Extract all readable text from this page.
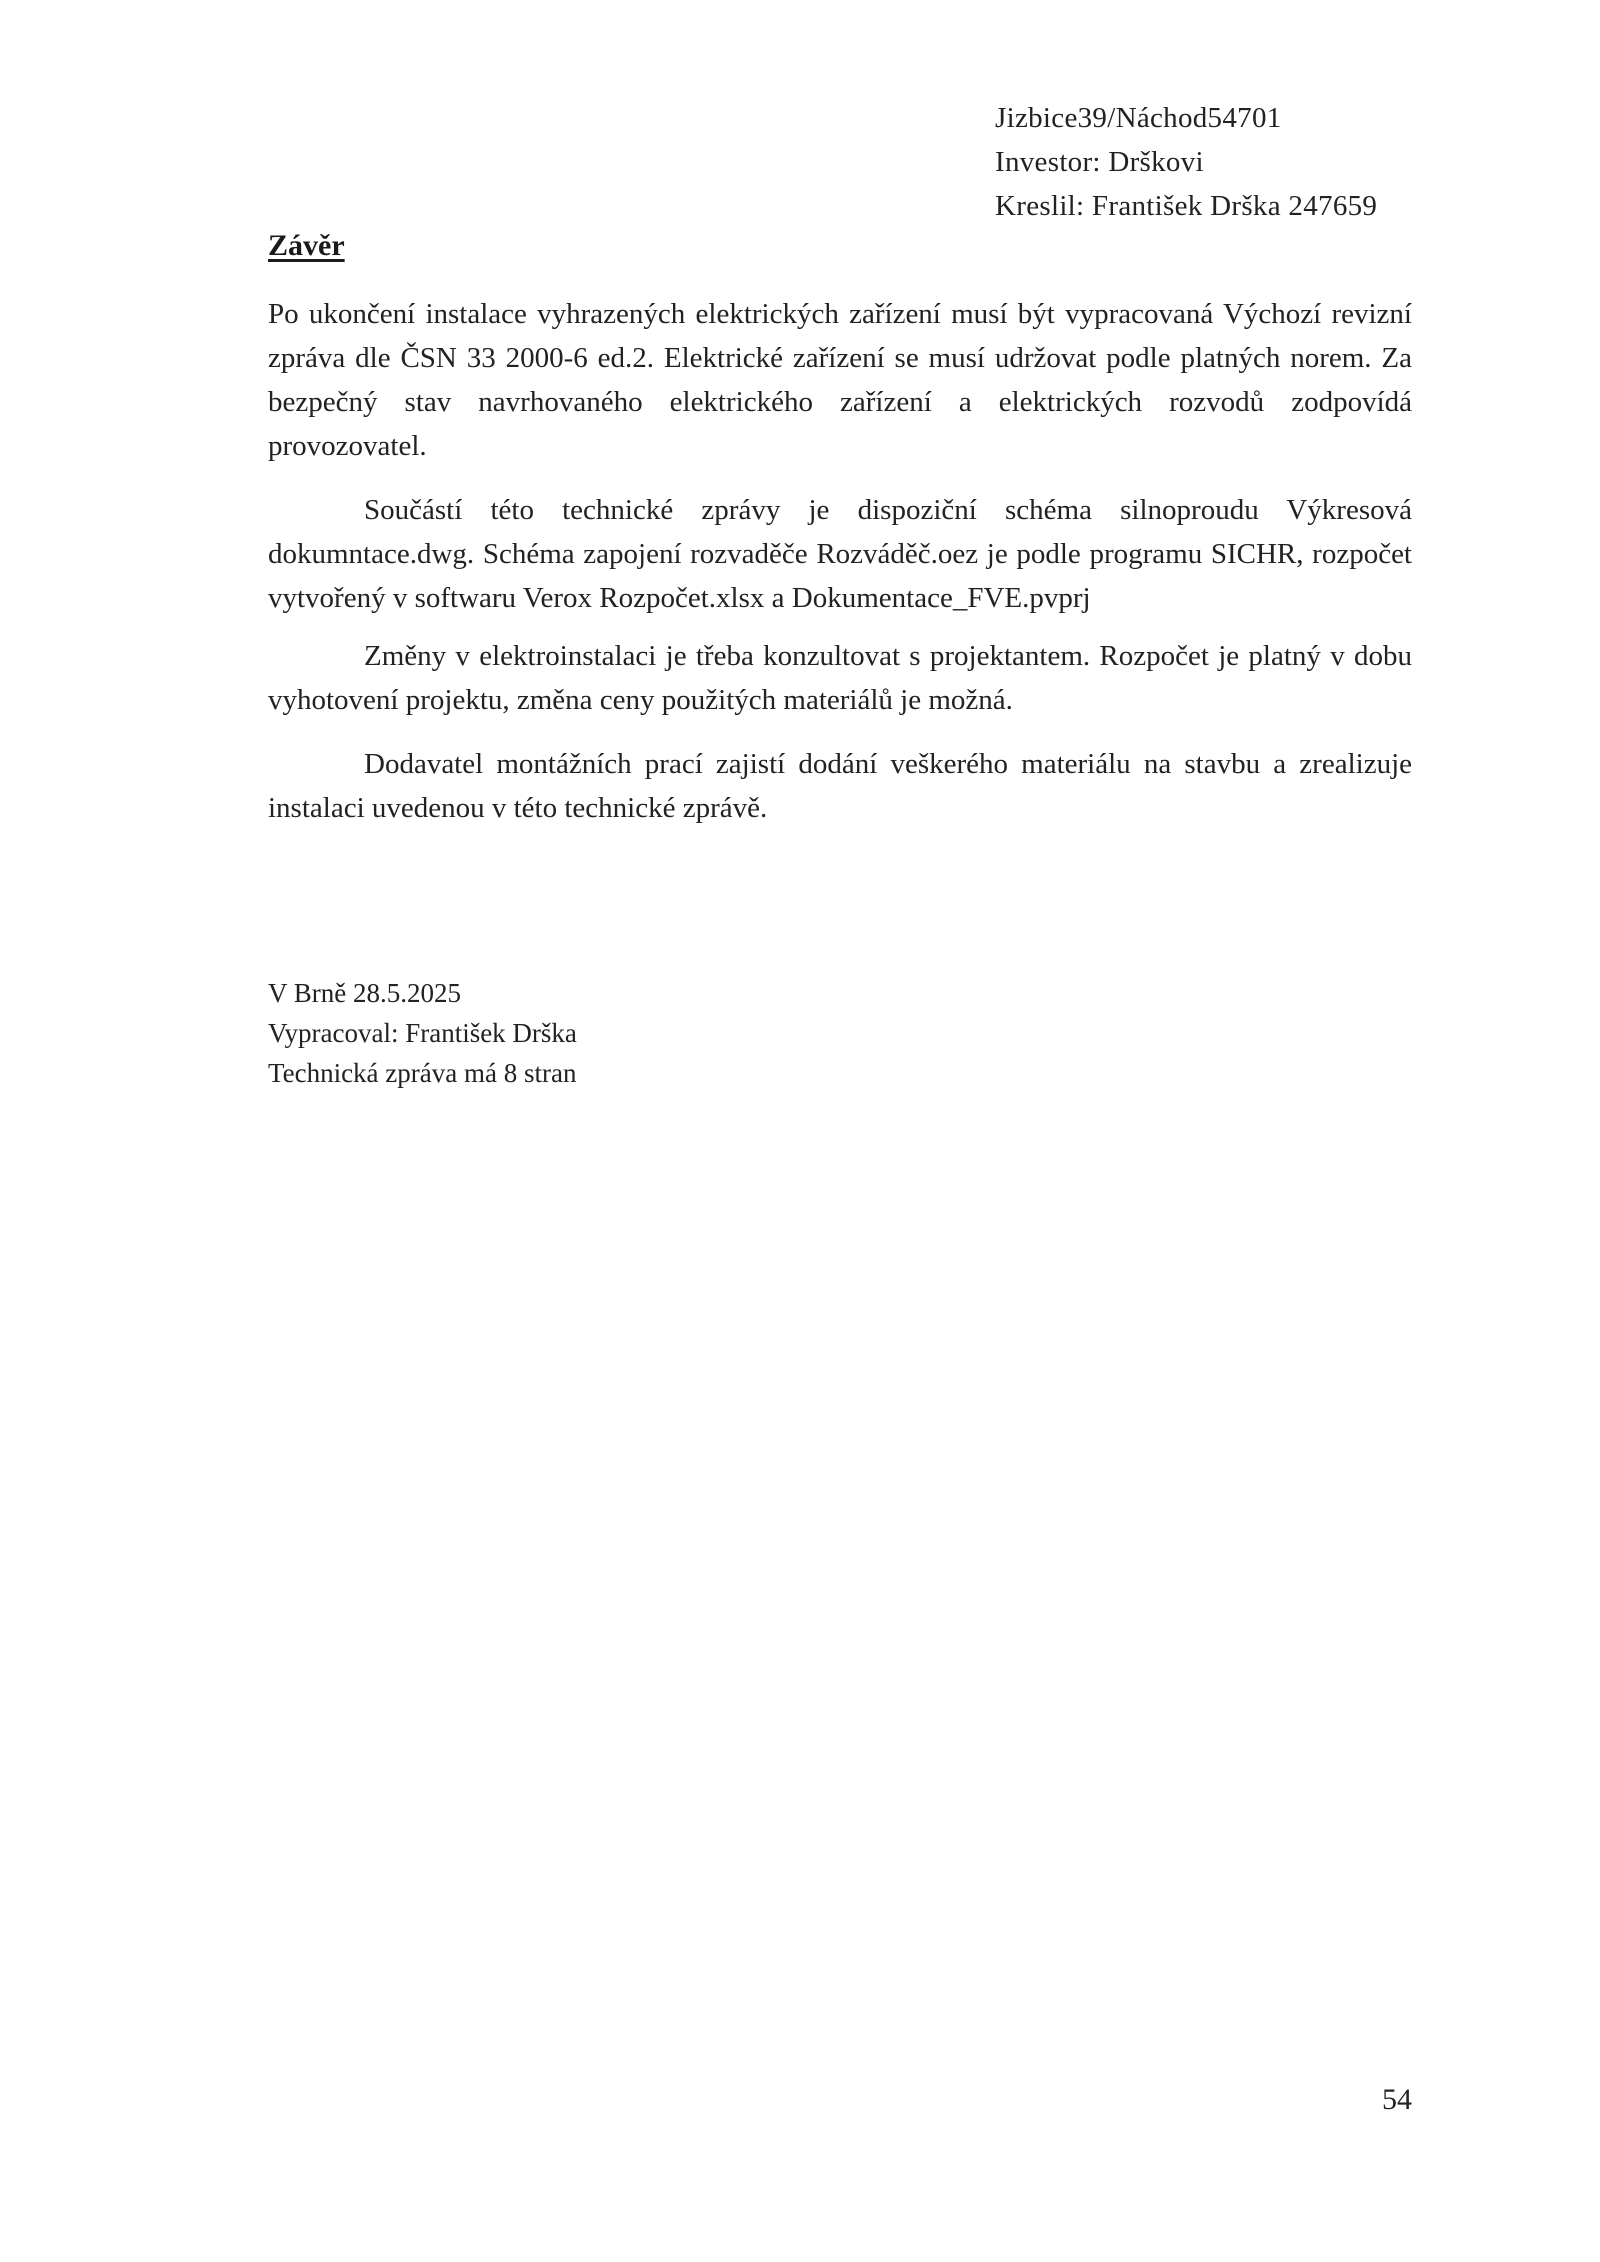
Jizbice39/Náchod54701
Investor: Drškovi
Kreslil: František Drška 247659
Závěr
Po ukončení instalace vyhrazených elektrických zařízení musí být vypracovaná Výchozí revizní zpráva dle ČSN 33 2000-6 ed.2. Elektrické zařízení se musí udržovat podle platných norem. Za bezpečný stav navrhovaného elektrického zařízení a elektrických rozvodů zodpovídá provozovatel.
Součástí této technické zprávy je dispoziční schéma silnoproudu Výkresová dokumntace.dwg. Schéma zapojení rozvaděče Rozváděč.oez je podle programu SICHR, rozpočet vytvořený v softwaru Verox Rozpočet.xlsx a Dokumentace_FVE.pvprj
Změny v elektroinstalaci je třeba konzultovat s projektantem. Rozpočet je platný v dobu vyhotovení projektu, změna ceny použitých materiálů je možná.
Dodavatel montážních prací zajistí dodání veškerého materiálu na stavbu a zrealizuje instalaci uvedenou v této technické zprávě.
V Brně 28.5.2025
Vypracoval: František Drška
Technická zpráva má 8 stran
54
